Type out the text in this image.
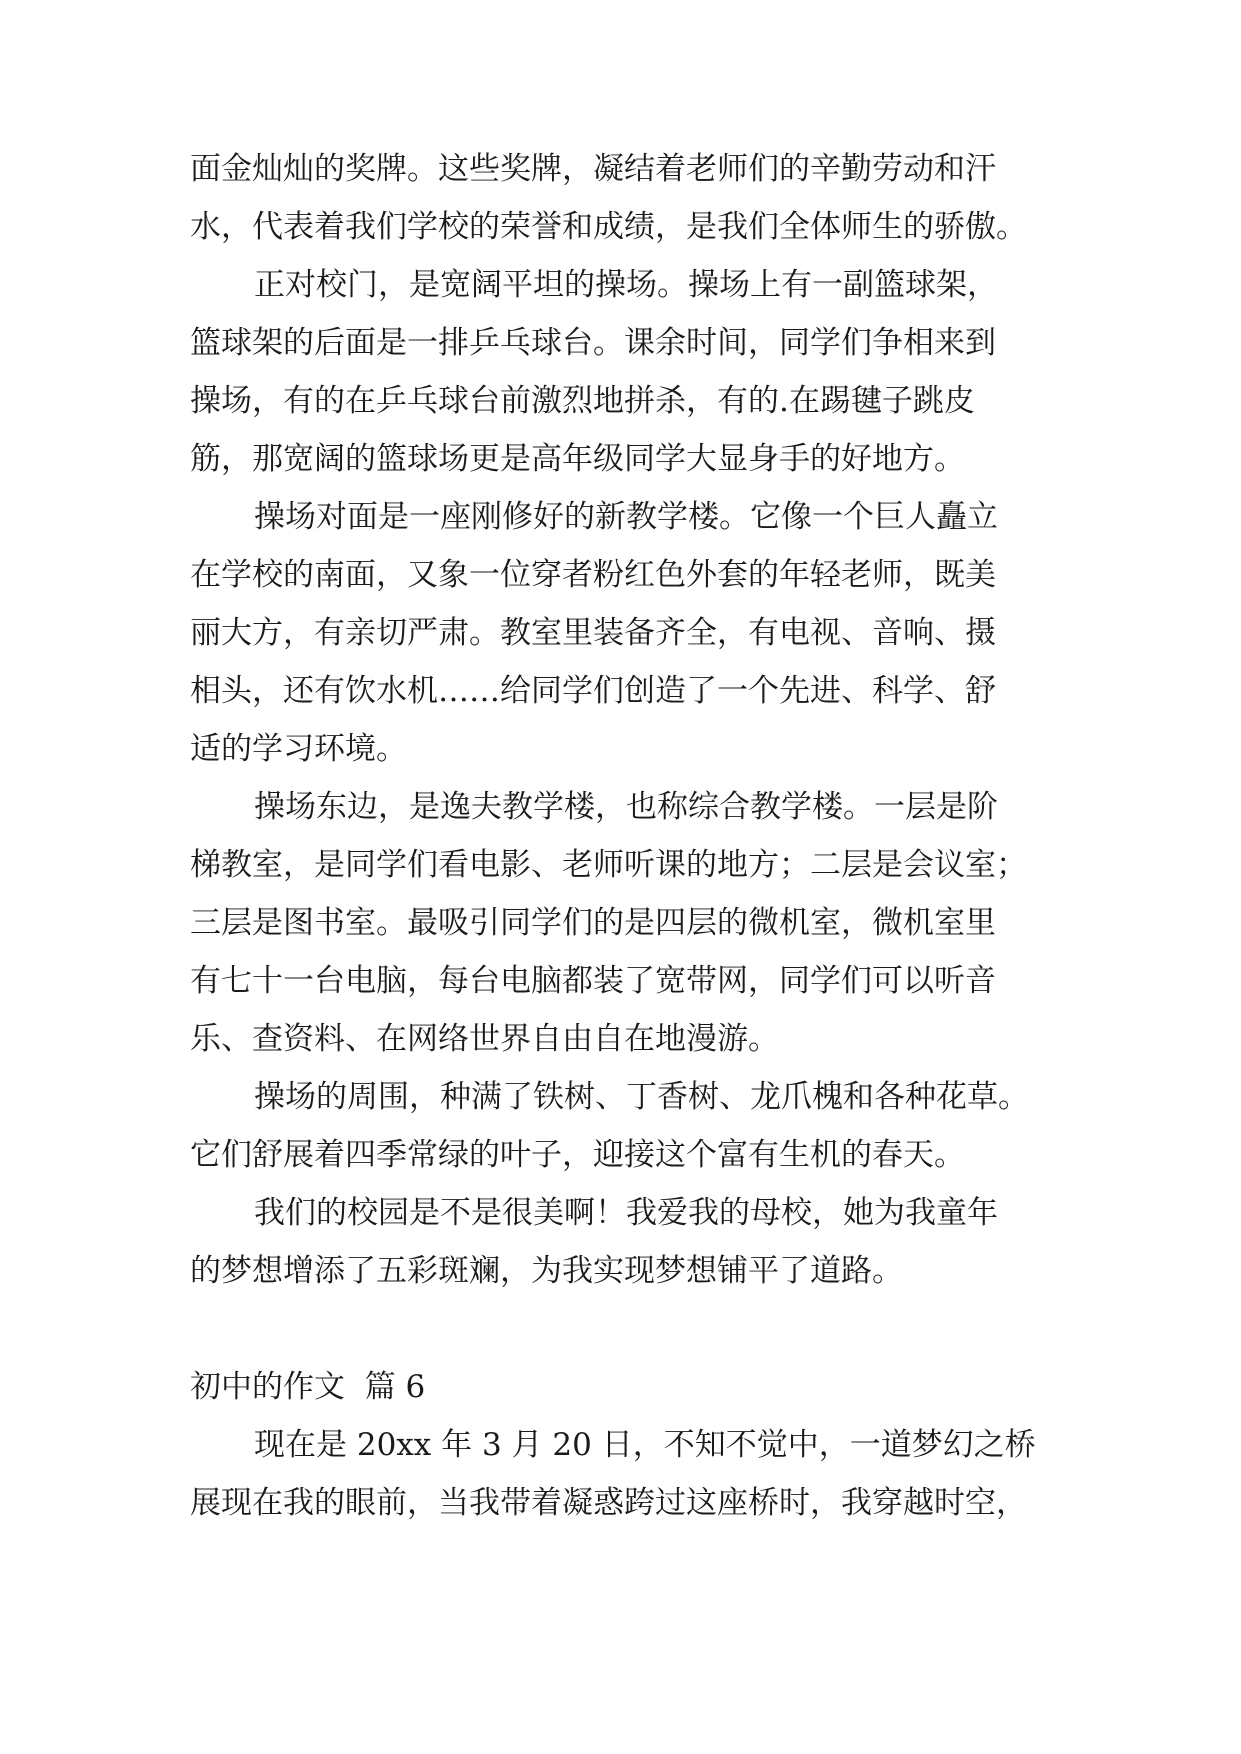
面金灿灿的奖牌。这些奖牌，凝结着老师们的辛勤劳动和汗
水，代表着我们学校的荣誉和成绩，是我们全体师生的骄傲。
正对校门，是宽阔平坦的操场。操场上有一副篮球架，
篮球架的后面是一排乒乓球台。课余时间，同学们争相来到
操场，有的在乒乓球台前激烈地拼杀，有的.在踢毽子跳皮
筋，那宽阔的篮球场更是高年级同学大显身手的好地方。
操场对面是一座刚修好的新教学楼。它像一个巨人矗立
在学校的南面，又象一位穿者粉红色外套的年轻老师，既美
丽大方，有亲切严肃。教室里装备齐全，有电视、音响、摄
相头，还有饮水机……给同学们创造了一个先进、科学、舒
适的学习环境。
操场东边，是逸夫教学楼，也称综合教学楼。一层是阶
梯教室，是同学们看电影、老师听课的地方；二层是会议室；
三层是图书室。最吸引同学们的是四层的微机室，微机室里
有七十一台电脑，每台电脑都装了宽带网，同学们可以听音
乐、查资料、在网络世界自由自在地漫游。
操场的周围，种满了铁树、丁香树、龙爪槐和各种花草。
它们舒展着四季常绿的叶子，迎接这个富有生机的春天。
我们的校园是不是很美啊！我爱我的母校，她为我童年
的梦想增添了五彩斑斓，为我实现梦想铺平了道路。
初中的作文  篇 6
现在是 20xx 年 3 月 20 日，不知不觉中，一道梦幻之桥
展现在我的眼前，当我带着凝惑跨过这座桥时，我穿越时空，
